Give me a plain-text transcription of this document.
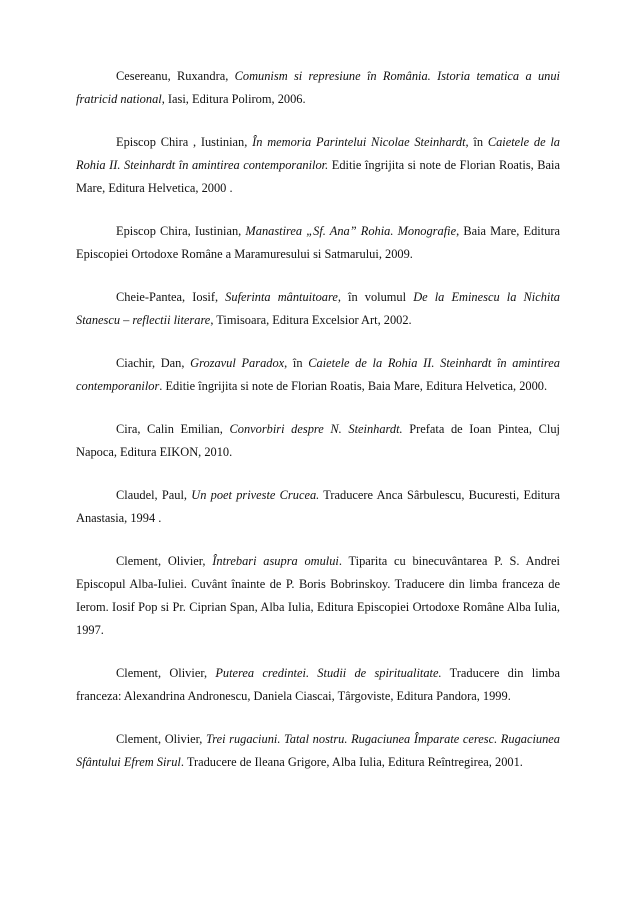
Cesereanu, Ruxandra, Comunism si represiune în România. Istoria tematica a unui fratricid national, Iasi, Editura Polirom, 2006.

Episcop Chira , Iustinian, În memoria Parintelui Nicolae Steinhardt, în Caietele de la Rohia II. Steinhardt în amintirea contemporanilor. Editie îngrijita si note de Florian Roatis, Baia Mare, Editura Helvetica, 2000 .

Episcop Chira, Iustinian, Manastirea „Sf. Ana” Rohia. Monografie, Baia Mare, Editura Episcopiei Ortodoxe Române a Maramuresului si Satmarului, 2009.

Cheie-Pantea, Iosif, Suferinta mântuitoare, în volumul De la Eminescu la Nichita Stanescu – reflectii literare, Timisoara, Editura Excelsior Art, 2002.

Ciachir, Dan, Grozavul Paradox, în Caietele de la Rohia II. Steinhardt în amintirea contemporanilor. Editie îngrijita si note de Florian Roatis, Baia Mare, Editura Helvetica, 2000.

Cira, Calin Emilian, Convorbiri despre N. Steinhardt. Prefata de Ioan Pintea, Cluj Napoca, Editura EIKON, 2010.

Claudel, Paul, Un poet priveste Crucea. Traducere Anca Sârbulescu, Bucuresti, Editura Anastasia, 1994 .

Clement, Olivier, Întrebari asupra omului. Tiparita cu binecuvântarea P. S. Andrei Episcopul Alba-Iuliei. Cuvânt înainte de P. Boris Bobrinskoy. Traducere din limba franceza de Ierom. Iosif Pop si Pr. Ciprian Span, Alba Iulia, Editura Episcopiei Ortodoxe Române Alba Iulia, 1997.

Clement, Olivier, Puterea credintei. Studii de spiritualitate. Traducere din limba franceza: Alexandrina Andronescu, Daniela Ciascai, Târgoviste, Editura Pandora, 1999.

Clement, Olivier, Trei rugaciuni. Tatal nostru. Rugaciunea Împarate ceresc. Rugaciunea Sfântului Efrem Sirul. Traducere de Ileana Grigore, Alba Iulia, Editura Reîntregirea, 2001.
